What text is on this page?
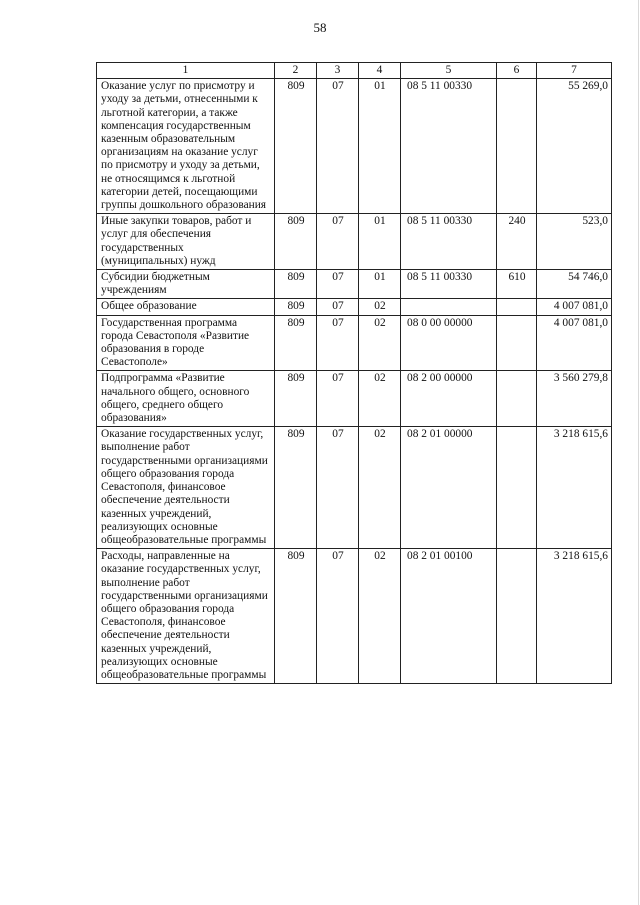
58
1	2	3	4	5	6	7
Оказание услуг по присмотру и уходу за детьми, отнесенными к льготной категории, а также компенсация государственным казенным образовательным организациям на оказание услуг по присмотру и уходу за детьми, не относящимся к льготной категории детей, посещающими группы дошкольного образования	809	07	01	08 5 11 00330		55 269,0
Иные закупки товаров, работ и услуг для обеспечения государственных (муниципальных) нужд	809	07	01	08 5 11 00330	240	523,0
Субсидии бюджетным учреждениям	809	07	01	08 5 11 00330	610	54 746,0
Общее образование	809	07	02			4 007 081,0
Государственная программа города Севастополя «Развитие образования в городе Севастополе»	809	07	02	08 0 00 00000		4 007 081,0
Подпрограмма «Развитие начального общего, основного общего, среднего общего образования»	809	07	02	08 2 00 00000		3 560 279,8
Оказание государственных услуг, выполнение работ государственными организациями общего образования города Севастополя, финансовое обеспечение деятельности казенных учреждений, реализующих основные общеобразовательные программы	809	07	02	08 2 01 00000		3 218 615,6
Расходы, направленные на оказание государственных услуг, выполнение работ государственными организациями общего образования города Севастополя, финансовое обеспечение деятельности казенных учреждений, реализующих основные общеобразовательные программы	809	07	02	08 2 01 00100		3 218 615,6
